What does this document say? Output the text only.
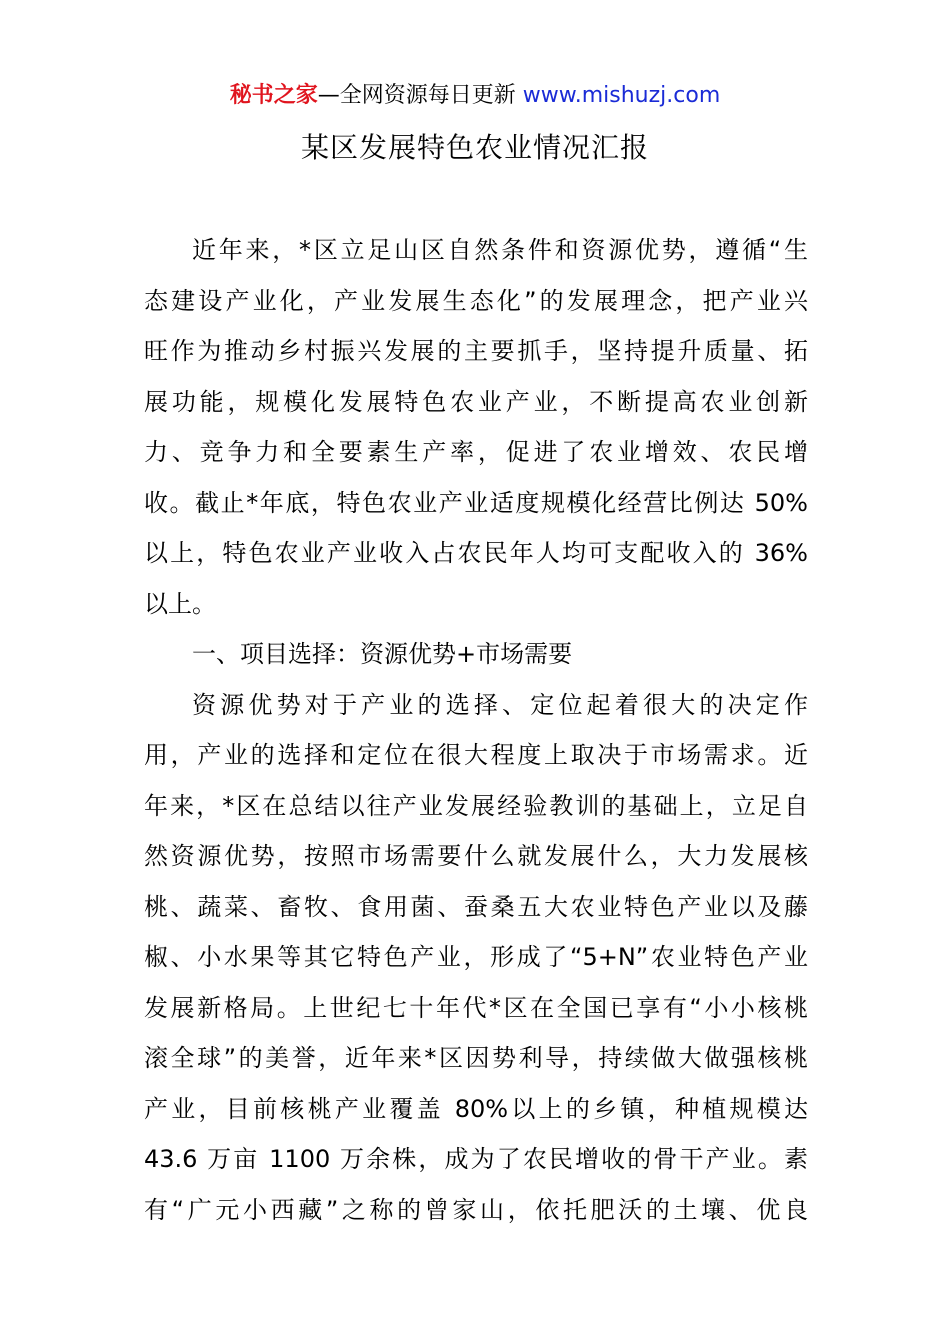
秘书之家—全网资源每日更新 www.mishuzj.com
某区发展特色农业情况汇报
近年来，*区立足山区自然条件和资源优势，遵循“生
态建设产业化，产业发展生态化”的发展理念，把产业兴
旺作为推动乡村振兴发展的主要抓手，坚持提升质量、拓
展功能，规模化发展特色农业产业，不断提高农业创新
力、竞争力和全要素生产率，促进了农业增效、农民增
收。截止*年底，特色农业产业适度规模化经营比例达 50%
以上，特色农业产业收入占农民年人均可支配收入的 36%
以上。
一、项目选择：资源优势+市场需要
资源优势对于产业的选择、定位起着很大的决定作
用，产业的选择和定位在很大程度上取决于市场需求。近
年来，*区在总结以往产业发展经验教训的基础上，立足自
然资源优势，按照市场需要什么就发展什么，大力发展核
桃、蔬菜、畜牧、食用菌、蚕桑五大农业特色产业以及藤
椒、小水果等其它特色产业，形成了“5+N”农业特色产业
发展新格局。上世纪七十年代*区在全国已享有“小小核桃
滚全球”的美誉，近年来*区因势利导，持续做大做强核桃
产业，目前核桃产业覆盖 80%以上的乡镇，种植规模达
43.6 万亩 1100 万余株，成为了农民增收的骨干产业。素
有“广元小西藏”之称的曾家山，依托肥沃的土壤、优良
